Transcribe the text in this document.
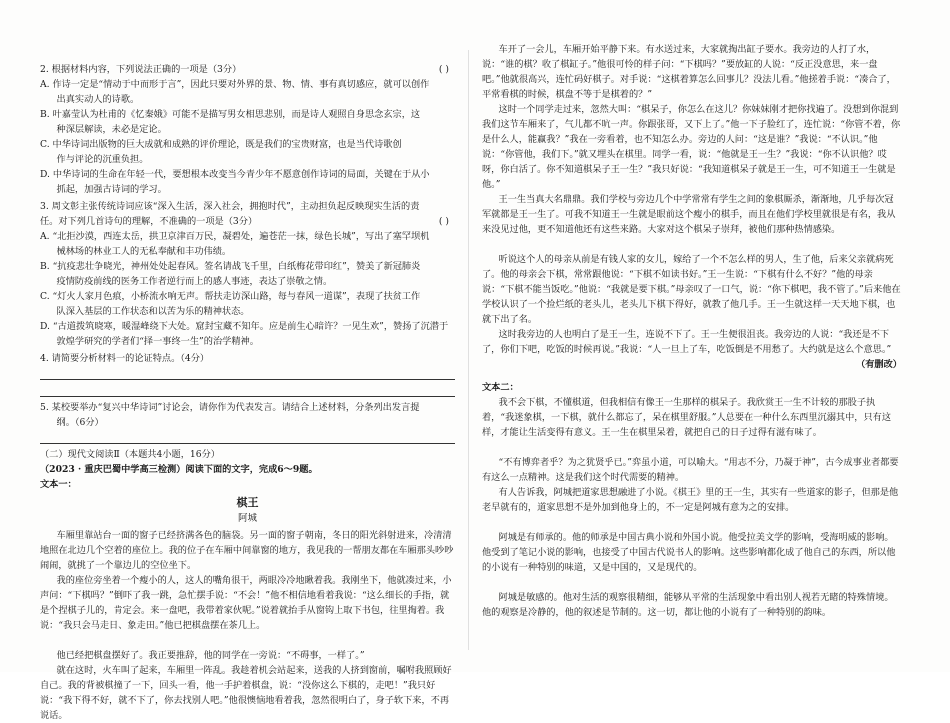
2. 根据材料内容，下列说法正确的一项是（3分）	( )
A. 作诗一定是“情动于中而形于言”，因此只要对外界的景、物、情、事有真切感应，就可以创作
出真实动人的诗歌。
B. 叶嘉莹认为杜甫的《忆秦娥》可能不是描写男女相思悲别，而是诗人观照自身思念玄宗，这
种深层解读，未必是定论。
C. 中华诗词出版物的巨大成就和成熟的评价理论，既是我们的宝贵财富，也是当代诗歌创
作与评论的沉重负担。
D. 中华诗词的生命在年轻一代，要想根本改变当今青少年不愿意创作诗词的局面，关键在于从小
抓起，加强古诗词的学习。
3. 周文彰主张传统诗词应该“深入生活，深入社会，拥抱时代”，主动担负起反映现实生活的责
任。对下列几首诗句的理解，不准确的一项是（3分）	( )
A. “北拒沙漠，西连太岳，拱卫京津百万民，凝碧处，遍苍茫一抹，绿色长城”，写出了塞罕坝机
械林场的林业工人的无私奉献和丰功伟绩。
B. “抗疫悲壮争晓光，神州处处起春风。签名请战飞千里，白纸梅花带印红”，赞美了新冠肺炎
疫情防疫前线的医务工作者逆行而上的感人事迹，表达了崇敬之情。
C. “灯火人家月色痕，小桥流水响无声。帮扶走访深山路，每与春风一道谋”，表现了扶贫工作
队深入基层的工作状态和以苦为乐的精神状态。
D. “古道拨筑晓寒，暖湿峰绕下大处。窟封宝藏不知年。应是前生心暗许？一见生欢”，赞扬了沉潜于
敦煌学研究的学者们“择一事终一生”的治学精神。
4. 请简要分析材料一的论证特点。（4分）
5. 某校要举办“复兴中华诗词”讨论会，请你作为代表发言。请结合上述材料，分条列出发言提
纲。（6分）
（二）现代文阅读Ⅱ（本题共4小题，16分）
（2023 · 重庆巴蜀中学高三检测）阅读下面的文字，完成6～9题。
文本一：
棋王
阿城
车厢里靠站台一面的窗子已经挤满各色的脑袋。另一面的窗子朝南，冬日的阳光斜射进来，冷清清地照在北边几个空着的座位上。我的位子在车厢中间靠窗的地方，我见我的一帮朋友都在车厢那头吵吵闹闹，就挑了一个靠边儿的空位坐下。
我的座位旁坐着一个瘦小的人，这人的嘴角很干，两眼冷冷地瞅着我。我刚坐下，他就凑过来，小声问：“下棋吗？”倒吓了我一跳，急忙摆手说：“不会！”他不相信地看着我说：“这么细长的手指，就是个捏棋子儿的，肯定会。来一盘吧，我带着家伙呢。”说着就抬手从窗钩上取下书包，往里掏着。我说：“我只会马走日、象走田。”他已把棋盘摆在茶几上。
他已经把棋盘摆好了。我正要推辞，他的同学在一旁说：“不碍事，一样了。”
就在这时，火车叫了起来，车厢里一阵乱。我趁着机会站起来，送我的人挤到窗前，嘱咐我照顾好自己。我的背被棋撞了一下，回头一看，他一手护着棋盘，说：“没你这么下棋的，走吧！”我只好说：“我下得不好，就不下了，你去找别人吧。”他很懊恼地看着我，忽然很明白了，身子软下来，不再说话。
车开了一会儿，车厢开始平静下来。有水送过来，大家就掏出缸子要水。我旁边的人打了水，说：“谁的棋？收了棋缸子。”他很可怜的样子问：“下棋吗？”要放缸的人说：“反正没意思，来一盘吧。”他就很高兴，连忙码好棋子。对手说：“这棋着算怎么回事儿？没法儿看。”他搓着手说：“凑合了，平常看棋的时候，棋盘不等于是棋着的？”
这时一个同学走过来，忽然大叫：“棋呆子，你怎么在这儿？你妹妹刚才把你找遍了。没想到你混到我们这节车厢来了，气儿都不吭一声。你跟张哥，又下上了。”他一下子脸红了，连忙说：“你管不着，你是什么人，能赢我？”我在一旁看着，也不知怎么办。旁边的人问：“这是谁？”我说：“不认识。”他说：“你管他，我们下。”就又埋头在棋里。同学一看，说：“他就是王一生？”我说：“你不认识他？哎呀，你白活了。你不知道棋呆子王一生？”我只好说：“我知道棋呆子就是王一生，可不知道王一生就是他。”
王一生当真大名鼎鼎。我们学校与旁边几个中学常常有学生之间的象棋厮杀，渐渐地，几乎每次冠军就都是王一生了。可我不知道王一生就是眼前这个瘦小的棋手，而且在他们学校里就很是有名，我从来没见过他，更不知道他还有这些来路。大家对这个棋呆子崇拜，被他们那种热情感染。
听说这个人的母亲从前是有钱人家的女儿，嫁给了一个不怎么样的男人，生了他，后来父亲就病死了。他的母亲会下棋，常常跟他说：“下棋不如读书好。”王一生说：“下棋有什么不好？”他的母亲说：“下棋不能当饭吃。”他说：“我就是要下棋。”母亲叹了一口气，说：“你下棋吧，我不管了。”后来他在学校认识了一个捡烂纸的老头儿，老头儿下棋下得好，就教了他几手。王一生就这样一天天地下棋，也就下出了名。
这时我旁边的人也明白了是王一生，连说不下了。王一生便很沮丧。我旁边的人说：“我还是不下了，你们下吧，吃饭的时候再说。”我说：“人一旦上了车，吃饭倒是不用愁了。大约就是这么个意思。”
（有删改）
文本二：
我不会下棋，不懂棋道，但我相信有像王一生那样的棋呆子。我欣赏王一生不计较的那股子执着，“我迷象棋，一下棋，就什么都忘了，呆在棋里舒服。”人总要在一种什么东西里沉溺其中，只有这样，才能让生活变得有意义。王一生在棋里呆着，就把自己的日子过得有滋有味了。
“不有博弈者乎？为之犹贤乎已。”弈虽小道，可以喻大。“用志不分，乃凝于神”，古今成事业者都要有这么一点精神。这是我们这个时代需要的精神。
有人告诉我，阿城把道家思想融进了小说。《棋王》里的王一生，其实有一些道家的影子，但那是他老早就有的，道家思想不是外加到他身上的，不一定是阿城有意为之的安排。
阿城是有师承的。他的师承是中国古典小说和外国小说。他受拉美文学的影响，受海明威的影响。他受到了笔记小说的影响，也接受了中国古代说书人的影响。这些影响都化成了他自己的东西，所以他的小说有一种特别的味道，又是中国的，又是现代的。
阿城是敏感的。他对生活的观察很精细，能够从平常的生活现象中看出别人视若无睹的特殊情境。他的观察是冷静的，他的叙述是节制的。这一切，都让他的小说有了一种特别的韵味。
